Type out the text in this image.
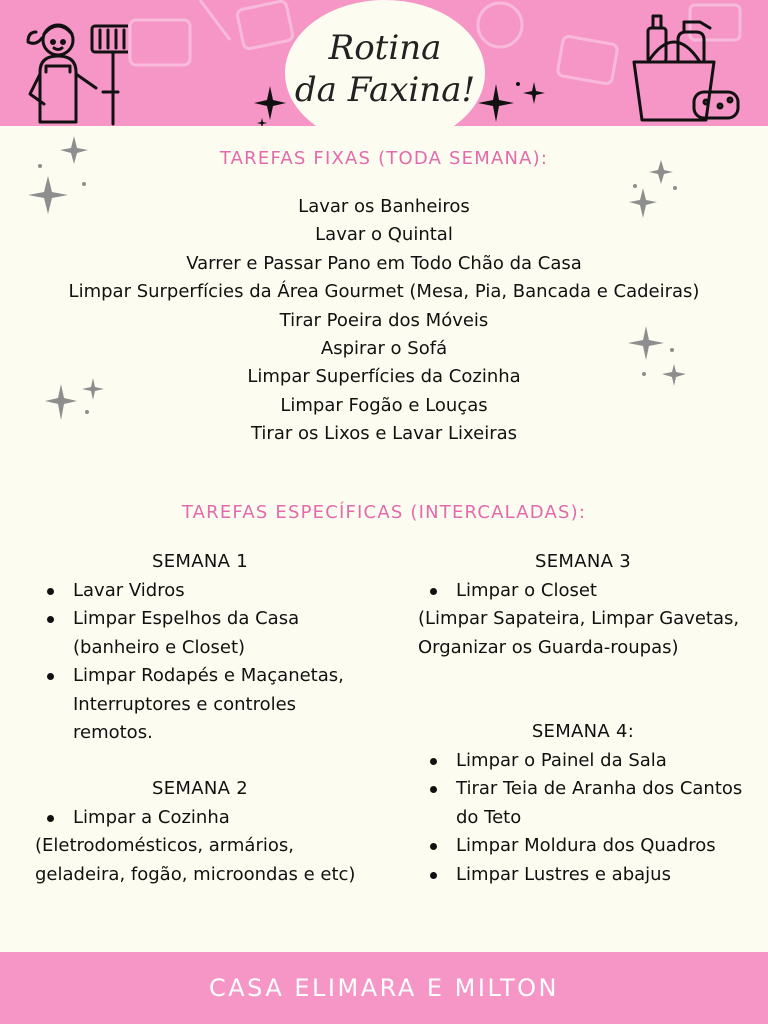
Rotina
da Faxina!
TAREFAS FIXAS (TODA SEMANA):
Lavar os Banheiros
Lavar o Quintal
Varrer e Passar Pano em Todo Chão da Casa
Limpar Surperfícies da Área Gourmet (Mesa, Pia, Bancada e Cadeiras)
Tirar Poeira dos Móveis
Aspirar o Sofá
Limpar Superfícies da Cozinha
Limpar Fogão e Louças
Tirar os Lixos e Lavar Lixeiras
TAREFAS ESPECÍFICAS (INTERCALADAS):
SEMANA 1
Lavar Vidros
Limpar Espelhos da Casa (banheiro e Closet)
Limpar Rodapés e Maçanetas, Interruptores e controles remotos.
SEMANA 2
Limpar a Cozinha

(Eletrodomésticos, armários, geladeira, fogão, microondas e etc)

SEMANA 3
Limpar o Closet

(Limpar Sapateira, Limpar Gavetas, Organizar os Guarda-roupas)

SEMANA 4:
Limpar o Painel da Sala
Tirar Teia de Aranha dos Cantos do Teto
Limpar Moldura dos Quadros
Limpar Lustres e abajus
CASA ELIMARA E MILTON
